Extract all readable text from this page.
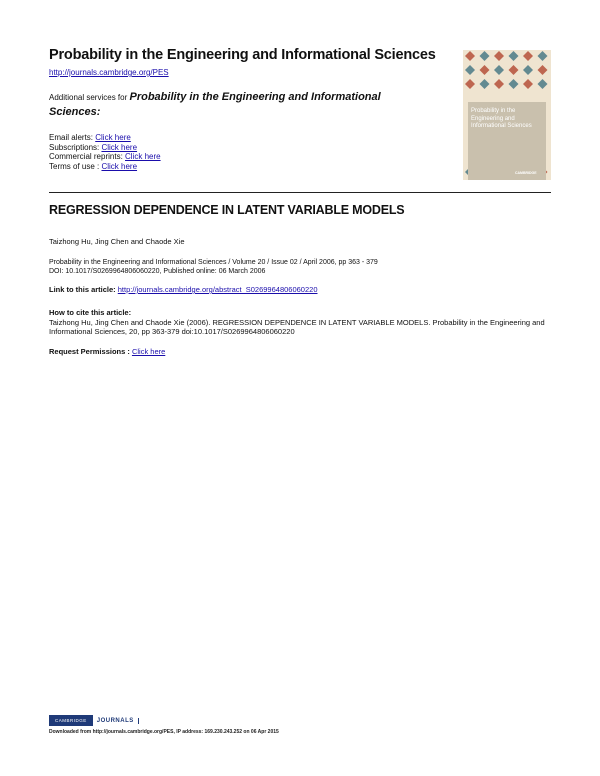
Probability in the Engineering and Informational Sciences
http://journals.cambridge.org/PES
Additional services for Probability in the Engineering and Informational Sciences:
Email alerts: Click here
Subscriptions: Click here
Commercial reprints: Click here
Terms of use : Click here
Probability in the Engineering and Informational Sciences
CAMBRIDGE
REGRESSION DEPENDENCE IN LATENT VARIABLE MODELS
Taizhong Hu, Jing Chen and Chaode Xie
Probability in the Engineering and Informational Sciences / Volume 20 / Issue 02 / April 2006, pp 363 - 379
DOI: 10.1017/S0269964806060220, Published online: 06 March 2006
Link to this article: http://journals.cambridge.org/abstract_S0269964806060220
How to cite this article:
Taizhong Hu, Jing Chen and Chaode Xie (2006). REGRESSION DEPENDENCE IN LATENT VARIABLE MODELS. Probability in the Engineering and Informational Sciences, 20, pp 363-379 doi:10.1017/S0269964806060220
Request Permissions : Click here
CAMBRIDGE JOURNALS
Downloaded from http://journals.cambridge.org/PES, IP address: 169.230.243.252 on 06 Apr 2015
